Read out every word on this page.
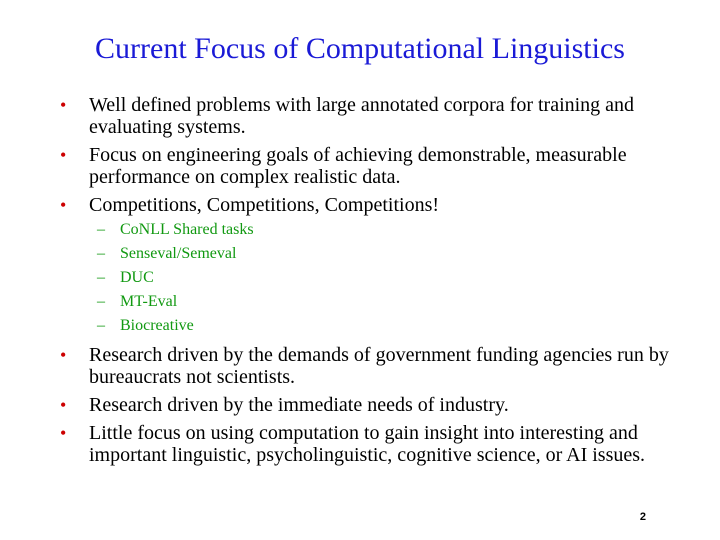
Current Focus of Computational Linguistics
• Well defined problems with large annotated corpora for training and evaluating systems.
• Focus on engineering goals of achieving demonstrable, measurable performance on complex realistic data.
• Competitions, Competitions, Competitions!
– CoNLL Shared tasks
– Senseval/Semeval
– DUC
– MT-Eval
– Biocreative
• Research driven by the demands of government funding agencies run by bureaucrats not scientists.
• Research driven by the immediate needs of industry.
• Little focus on using computation to gain insight into interesting and important linguistic, psycholinguistic, cognitive science, or AI issues.
2
